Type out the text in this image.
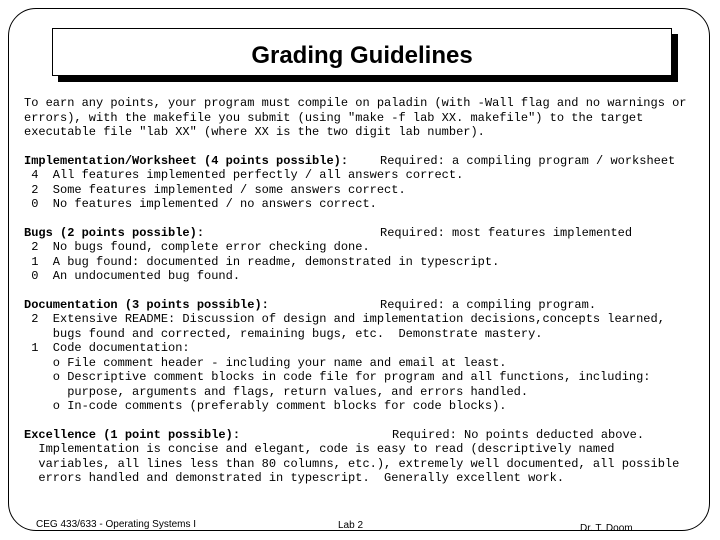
Grading Guidelines
To earn any points, your program must compile on paladin (with -Wall flag and no warnings or
errors), with the makefile you submit (using "make -f lab XX. makefile") to the target
executable file "lab XX" (where XX is the two digit lab number).
Implementation/Worksheet (4 points possible):	Required: a compiling program / worksheet
4  All features implemented perfectly / all answers correct.
2  Some features implemented / some answers correct.
0  No features implemented / no answers correct.
Bugs (2 points possible):	Required: most features implemented
2  No bugs found, complete error checking done.
1  A bug found: documented in readme, demonstrated in typescript.
0  An undocumented bug found.
Documentation (3 points possible):	Required: a compiling program.
2  Extensive README: Discussion of design and implementation decisions,concepts learned,
bugs found and corrected, remaining bugs, etc.  Demonstrate mastery.
1  Code documentation:
o File comment header - including your name and email at least.
o Descriptive comment blocks in code file for program and all functions, including:
purpose, arguments and flags, return values, and errors handled.
o In-code comments (preferably comment blocks for code blocks).
Excellence (1 point possible):	Required: No points deducted above.
Implementation is concise and elegant, code is easy to read (descriptively named
variables, all lines less than 80 columns, etc.), extremely well documented, all possible
errors handled and demonstrated in typescript.  Generally excellent work.
CEG 433/633 - Operating Systems I	Lab 2	Dr. T. Doom
